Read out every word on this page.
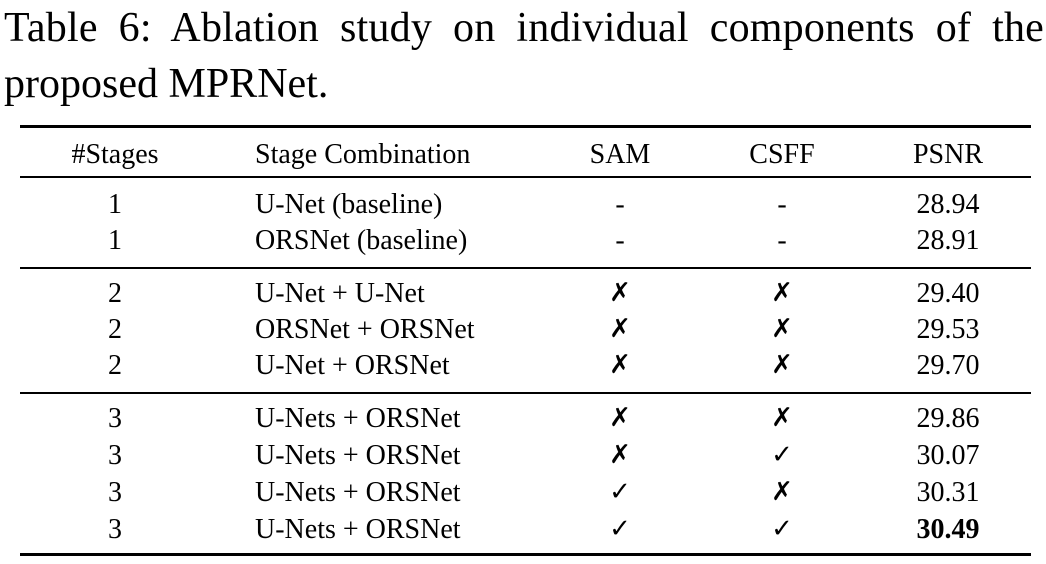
Table 6: Ablation study on individual components of the
proposed MPRNet.
#Stages	Stage Combination	SAM	CSFF	PSNR
1	U-Net (baseline)	-	-	28.94
1	ORSNet (baseline)	-	-	28.91
2	U-Net + U-Net	✗	✗	29.40
2	ORSNet + ORSNet	✗	✗	29.53
2	U-Net + ORSNet	✗	✗	29.70
3	U-Nets + ORSNet	✗	✗	29.86
3	U-Nets + ORSNet	✗	✓	30.07
3	U-Nets + ORSNet	✓	✗	30.31
3	U-Nets + ORSNet	✓	✓	30.49
